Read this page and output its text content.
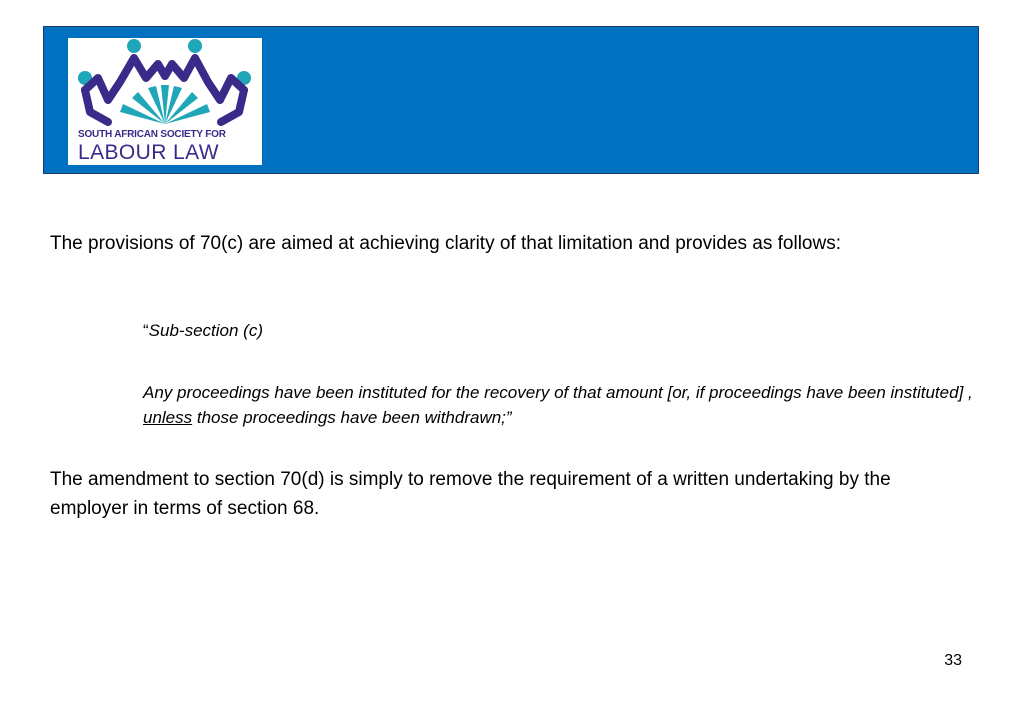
SOUTH AFRICAN SOCIETY FOR
LABOUR LAW

The provisions of 70(c) are aimed at achieving clarity of that limitation and provides as follows:

“Sub-section (c)

Any proceedings have been instituted for the recovery of that amount [or, if proceedings have been instituted] , unless those proceedings have been withdrawn;”

The amendment to section 70(d) is simply to remove the requirement of a written undertaking by the employer in terms of section 68.

33
